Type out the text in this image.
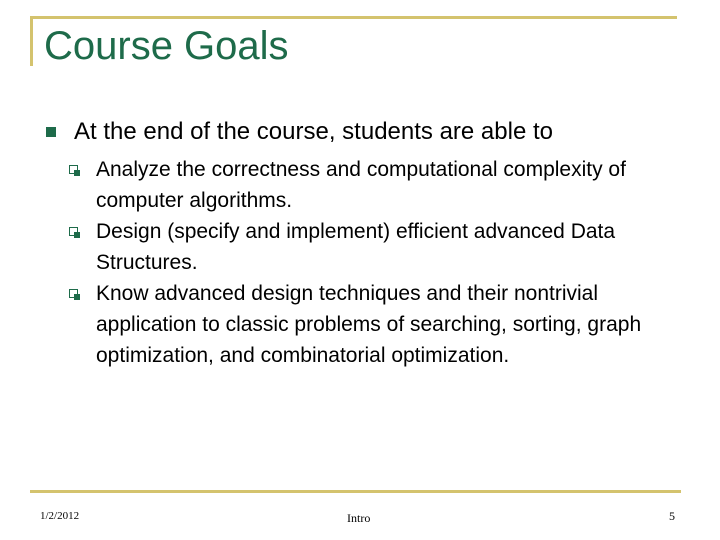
Course Goals
At the end of the course, students are able to
Analyze the correctness and computational complexity of computer algorithms.
Design (specify and implement) efficient advanced Data Structures.
Know advanced design techniques and their nontrivial application to classic problems of searching, sorting, graph optimization, and combinatorial optimization.
1/2/2012	Intro	5
